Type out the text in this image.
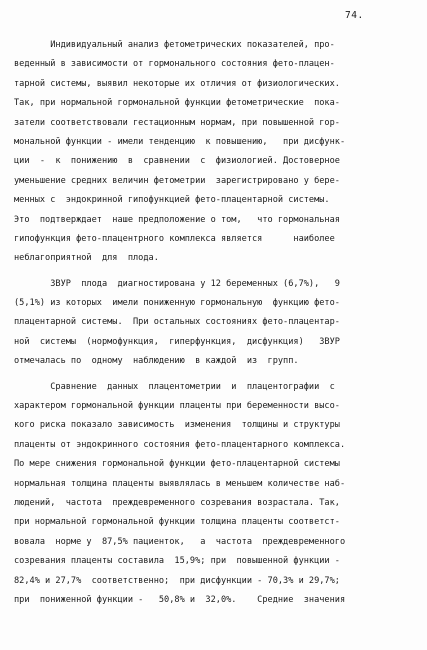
74.
Индивидуальный анализ фетометрических показателей, про-
веденный в зависимости от гормонального состояния фето-плацен-
тарной системы, выявил некоторые их отличия от физиологических.
Так, при нормальной гормональной функции фетометрические  пока-
затели соответствовали гестационным нормам, при повышенной гор-
мональной функции - имели тенденцию  к повышению,   при дисфунк-
ции  -  к  понижению  в  сравнении  с  физиологией. Достоверное
уменьшение средних величин фетометрии  зарегистрировано у бере-
менных с  эндокринной гипофункцией фето-плацентарной системы.
Это  подтверждает  наше предположение о том,   что гормональная
гипофункция фето-плацентрного комплекса является      наиболее
неблагоприятной  для  плода.
ЗВУР  плода  диагностирована у 12 беременных (6,7%),   9
(5,1%) из которых  имели пониженную гормональную  функцию фето-
плацентарной системы.  При остальных состояниях фето-плацентар-
ной  системы  (нормофункция,  гиперфункция,  дисфункция)   ЗВУР
отмечалась по  одному  наблюдению  в каждой  из  групп.
Сравнение  данных  плацентометрии  и  плацентографии  с
характером гормональной функции плаценты при беременности высо-
кого риска показало зависимость  изменения  толщины и структуры
плаценты от эндокринного состояния фето-плацентарного комплекса.
По мере снижения гормональной функции фето-плацентарной системы
нормальная толщина плаценты выявлялась в меньшем количестве наб-
людений,  частота  преждевременного созревания возрастала. Так,
при нормальной гормональной функции толщина плаценты соответст-
вовала  норме у  87,5% пациенток,   а  частота  преждевременного
созревания плаценты составила  15,9%; при  повышенной функции -
82,4% и 27,7%  соответственно;  при дисфункции - 70,3% и 29,7%;
при  пониженной функции -   50,8% и  32,0%.    Средние  значения
